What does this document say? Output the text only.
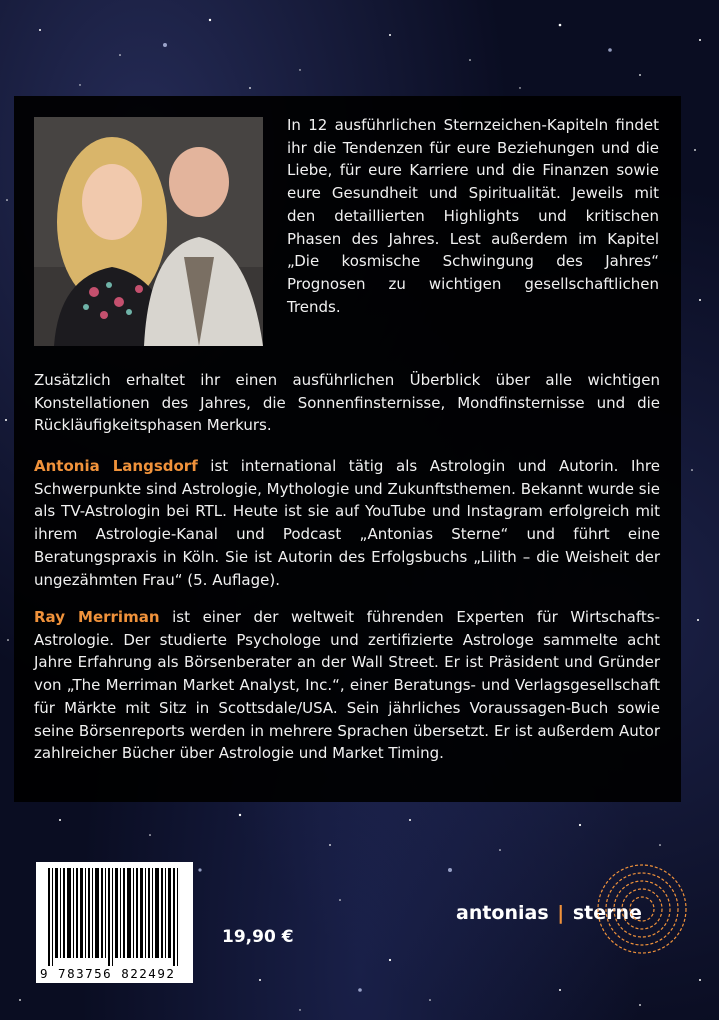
In 12 ausführlichen Sternzeichen-Kapiteln findet ihr die Tendenzen für eure Beziehungen und die Liebe, für eure Karriere und die Finanzen sowie eure Gesundheit und Spiritualität. Jeweils mit den detaillierten Highlights und kritischen Phasen des Jahres. Lest außerdem im Kapitel „Die kosmische Schwingung des Jahres“ Prognosen zu wichtigen gesellschaftlichen Trends.
Zusätzlich erhaltet ihr einen ausführlichen Überblick über alle wichtigen Konstellationen des Jahres, die Sonnenfinsternisse, Mondfinsternisse und die Rückläufigkeitsphasen Merkurs.
Antonia Langsdorf ist international tätig als Astrologin und Autorin. Ihre Schwerpunkte sind Astrologie, Mythologie und Zukunftsthemen. Bekannt wurde sie als TV-Astrologin bei RTL. Heute ist sie auf YouTube und Instagram erfolgreich mit ihrem Astrologie-Kanal und Podcast „Antonias Sterne“ und führt eine Beratungspraxis in Köln. Sie ist Autorin des Erfolgsbuchs „Lilith – die Weisheit der ungezähmten Frau“ (5. Auflage).
Ray Merriman ist einer der weltweit führenden Experten für Wirtschafts-Astrologie. Der studierte Psychologe und zertifizierte Astrologe sammelte acht Jahre Erfahrung als Börsenberater an der Wall Street. Er ist Präsident und Gründer von „The Merriman Market Analyst, Inc.“, einer Beratungs- und Verlagsgesellschaft für Märkte mit Sitz in Scottsdale/USA. Sein jährliches Voraussagen-Buch sowie seine Börsenreports werden in mehrere Sprachen übersetzt. Er ist außerdem Autor zahlreicher Bücher über Astrologie und Market Timing.
9 783756 822492
19,90 €
antonias | sterne
